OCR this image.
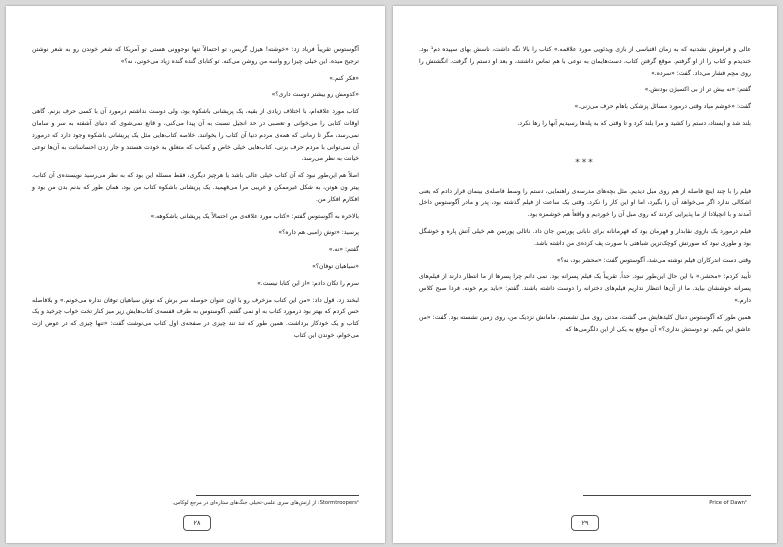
آگوستوس تقریباً فریاد زد: «خوشته! هیزل گریس، تو احتمالاً تنها نوجوونی هستی تو آمریکا که شعر خوندن رو به شعر نوشتن ترجیح میده. این خیلی چیزا رو واسه من روشن می‌کنه. تو کتابای گنده گنده زیاد می‌خونی، نه؟»

«فکر کنم.»

«کدومش رو بیشتر دوست داری؟»

کتاب مورد علاقه‌ام، با اختلاف زیادی از بقیه، یک پریشانی باشکوه بود، ولی دوست نداشتم درمورد آن با کسی حرف بزنم. گاهی اوقات کتابی را می‌خوانی و تعصبی در حد انجیل نسبت به آن پیدا می‌کنی، و قانع نمی‌شوی که دنیای آشفته به سر و سامان نمی‌رسد، مگر تا زمانی که همه‌ی مردم دنیا آن کتاب را بخوانند. خلاصه کتاب‌هایی مثل یک پریشانی باشکوه وجود دارد که درمورد آن نمی‌توانی با مردم حرف بزنی، کتاب‌هایی خیلی خاص و کمیاب که متعلق به خودت هستند و جار زدن احساساتت به آن‌ها نوعی خیانت به نظر می‌رسد.

اصلاً هم این‌طور نبود که آن کتاب خیلی عالی باشد یا هرچیز دیگری، فقط مسئله این بود که به نظر می‌رسید نویسنده‌ی آن کتاب، پیتر ون هوتن، به شکل غیرممکن و غریبی مرا می‌فهمید. یک پریشانی باشکوه کتاب من بود، همان طور که بدنم بدن من بود و افکارم افکار من.

بالاخره به آگوستوس گفتم: «کتاب مورد علاقه‌ی من احتمالاً یک پریشانی باشکوهه.»

پرسید: «توش زامبی هم داره؟»

گفتم: «نه.»

«سیاهیان توفان؟»

سرم را تکان دادم: «از این کتابا نیست.»

لبخند زد. قول داد: «من این کتاب مزخرف رو با اون عنوان حوصله سر برش که توش سیاهیان توفان نداره می‌خونم.» و بلافاصله حس کردم که بهتر بود درمورد کتاب به او نمی گفتم. آگوستوس به طرف قفسه‌ی کتاب‌هایش زیر میز کنار تخت خواب چرخید و یک کتاب و یک خودکار برداشت. همین طور که تند تند چیزی در صفحه‌ی اول کتاب می‌نوشت گفت: «تنها چیزی که در عوض ازت می‌خوام، خوندن این کتاب

Stormtroopers¹: از ارتش‌های سری علمی-تخیلی جنگ‌های ستاره‌ای در مرجع لوکاس.
۲۸

عالی و فراموش نشدنیه که به زمان اقتباسی از بازی ویدئویی مورد علاقمه.» کتاب را بالا نگه داشت، ناسش بهای سپیده دم¹ بود. خندیدم و کتاب را از او گرفتم. موقع گرفتن کتاب، دست‌هایمان به نوعی با هم تماس داشتند، و بعد او دستم را گرفت. انگشتش را روی مچم فشار می‌داد. گفت: «سرده.»

گفتم: «نه بیش تر از بی اکسیژن بودنش.»

گفت: «خوشم میاد وقتی درمورد مسائل پزشکی باهام حرف می‌زنی.»

بلند شد و ایستاد، دستم را کشید و مرا بلند کرد و تا وقتی که به پله‌ها رسیدیم آنها را رها نکرد.

***

فیلم را با چند اینچ فاصله از هم روی مبل دیدیم. مثل بچه‌های مدرسه‌ی راهنمایی، دستم را وسط فاصله‌ی بینمان قرار دادم که یعنی اشکالی ندارد اگر می‌خواهد آن را بگیرد، اما او این کار را نکرد. وقتی یک ساعت از فیلم گذشته بود، پدر و مادر آگوستوس داخل آمدند و با انچیلادا از ما پذیرایی کردند که روی مبل آن را خوردیم و واقعاً هم خوشمزه بود.

فیلم درمورد یک بازوی نقابدار و قهرمان بود که قهرمانانه برای نابانی پورتمن جان داد. ناتالی پورتمن هم خیلی آتش پاره و خوشگل بود و طوری نبود که صورتش کوچک‌ترین شباهتی با صورت پف کرده‌ی من داشته باشد.

وقتی دست اندرکاران فیلم نوشته می‌شد، آگوستوس گفت: «محشر بود، نه؟»

تأیید کردم: «محشر.» با این حال این‌طور نبود. حداً. تقریباً یک فیلم پسرانه بود. نمی دانم چرا پسرها از ما انتظار دارند از فیلم‌های پسرانه خوششان بیاید. ما از آن‌ها انتظار نداریم فیلم‌های دخترانه را دوست داشته باشند. گفتم: «باید برم خونه. فردا صبح کلاس دارم.»

همین طور که آگوستوس دنبال کلیدهایش می گشت، مدتی روی مبل نشستم. مامانش نزدیک من، روی زمین نشسته بود. گفت: «من عاشق این بکیم. تو دوستش نداری؟» آن موقع به یکی از این دلگرمی‌ها که

Price of Dawn¹
۲۹
